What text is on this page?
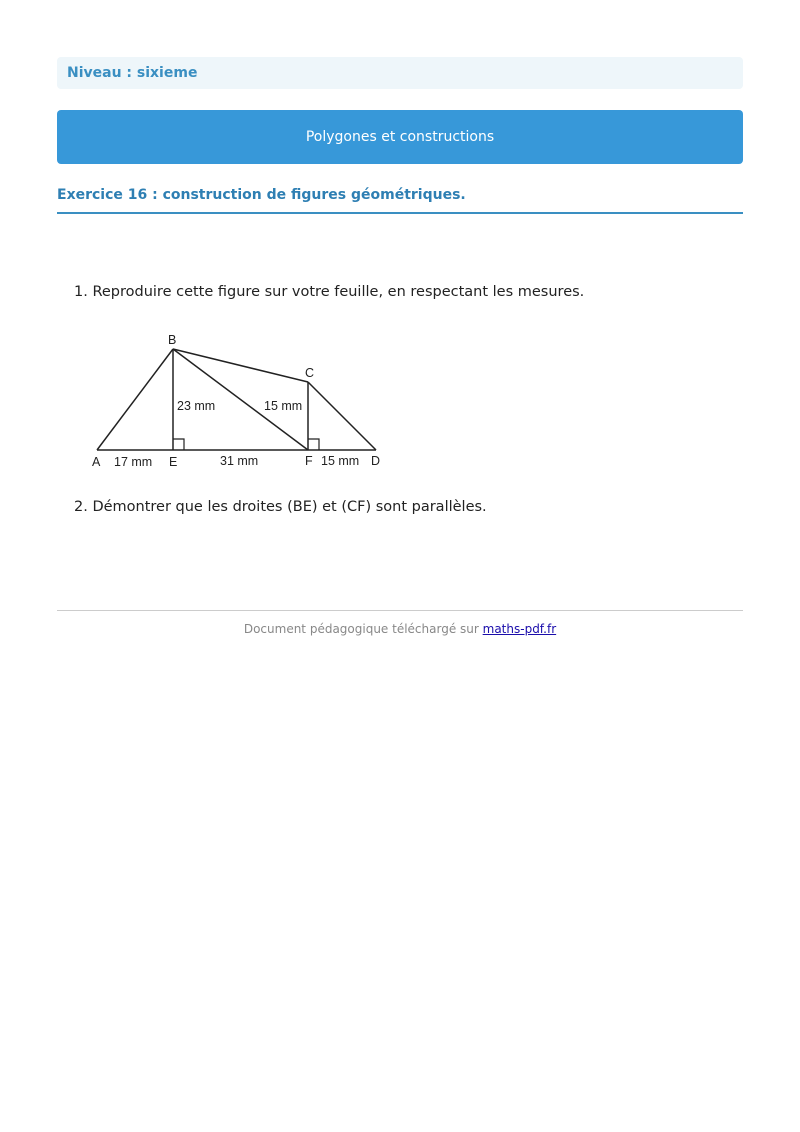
Niveau : sixieme
Polygones et constructions
Exercice 16 : construction de figures géométriques.
1. Reproduire cette figure sur votre feuille, en respectant les mesures.
B
C
A	E	F	D
23 mm	15 mm
17 mm	31 mm	15 mm
2. Démontrer que les droites (BE) et (CF) sont parallèles.
Document pédagogique téléchargé sur maths-pdf.fr
